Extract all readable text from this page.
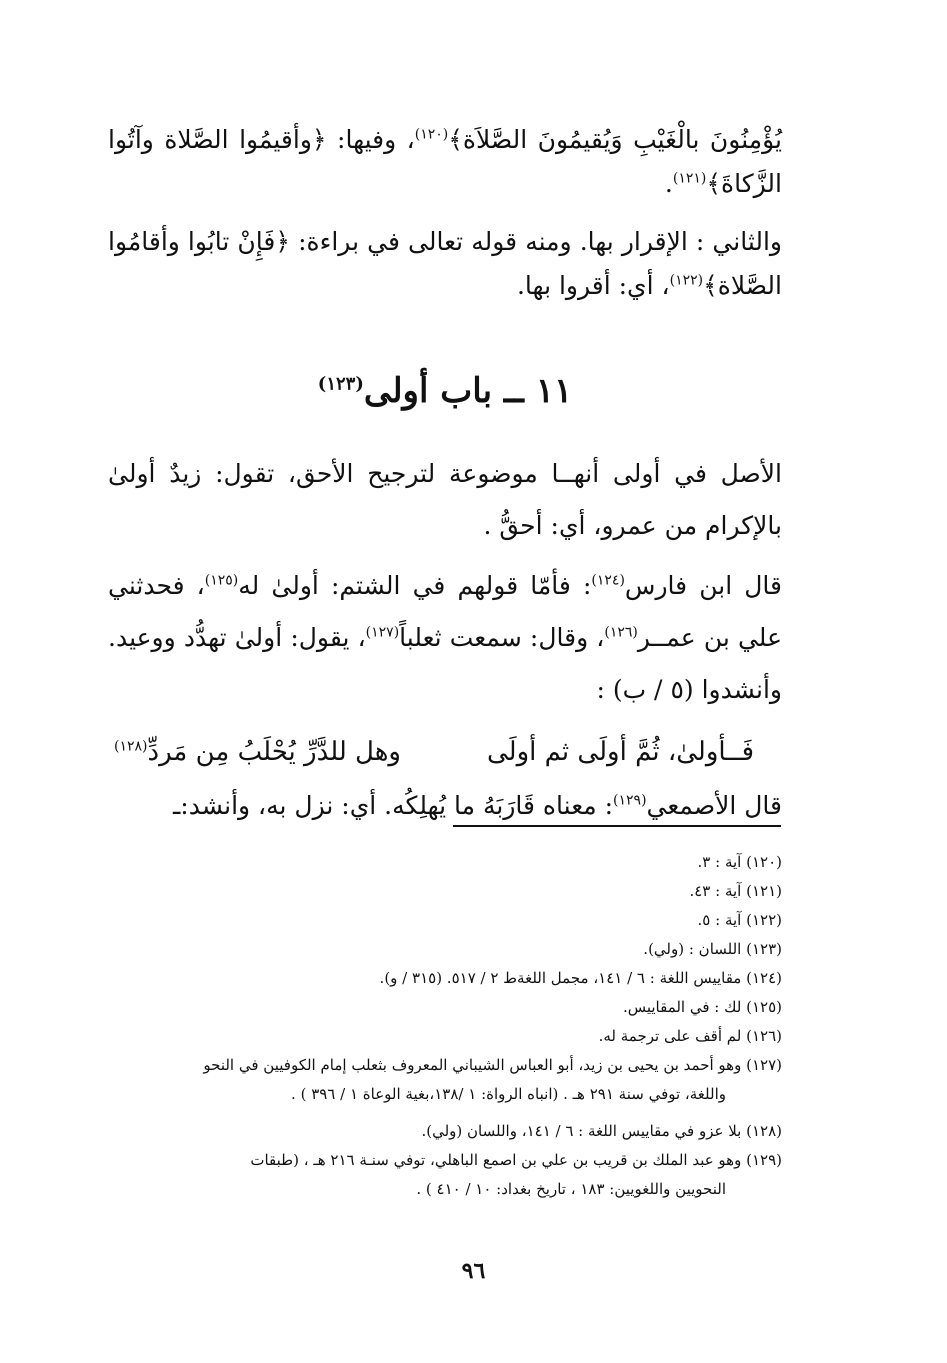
يُؤْمِنُونَ بالْغَيْبِ وَيُقيمُونَ الصَّلاَة﴾$^{(١٢٠)}$، وفيها: ﴿وأقيمُوا الصَّلاة وآتُوا الزَّكاةَ﴾$^{(١٢١)}$.

والثاني : الإقرار بها. ومنه قوله تعالى في براءة: ﴿فَإِنْ تابُوا وأقامُوا الصَّلاة﴾$^{(١٢٢)}$، أي: أقروا بها.

١١ ــ باب أولى$^{(١٢٣)}$

الأصل في أولى أنهــا موضوعة لترجيح الأحق، تقول: زيدٌ أولىٰ بالإكرام من عمرو، أي: أحقُّ .

قال ابن فارس$^{(١٢٤)}$: فأمّا قولهم في الشتم: أولىٰ له$^{(١٢٥)}$، فحدثني علي بن عمــر$^{(١٢٦)}$، وقال: سمعت ثعلباً$^{(١٢٧)}$، يقول: أولىٰ تهدُّد ووعيد. وأنشدوا (٥ / ب) :

فَــأولىٰ، ثُمَّ أولَى ثم أولَى
وهل للدَّرِّ يُحْلَبُ مِن مَردِّ$^{(١٢٨)}$

قال الأصمعي$^{(١٢٩)}$: معناه قَارَبَهُ ما يُهلِكُه. أي: نزل به، وأنشد:ـ

(١٢٠) آية : ٣.

(١٢١) آية : ٤٣.

(١٢٢) آية : ٥.

(١٢٣) اللسان : (ولي).

(١٢٤) مقاييس اللغة : ٦ / ١٤١، مجمل اللغةط ٢ / ٥١٧. (٣١٥ / و).

(١٢٥) لك : في المقاييس.

(١٢٦) لم أقف على ترجمة له.

(١٢٧) وهو أحمد بن يحيى بن زيد، أبو العباس الشيباني المعروف بثعلب إمام الكوفيين في النحو

واللغة، توفي سنة ٢٩١ هـ . (انباه الرواة: ١ /١٣٨،بغية الوعاة ١ / ٣٩٦ ) .

(١٢٨) بلا عزو في مقاييس اللغة : ٦ / ١٤١، واللسان (ولي).

(١٢٩) وهو عبد الملك بن قريب بن علي بن اصمع الباهلي، توفي سنـة ٢١٦ هـ ، (طبقات

النحويين واللغويين: ١٨٣ ، تاريخ بغداد: ١٠ / ٤١٠ ) .

٩٦
